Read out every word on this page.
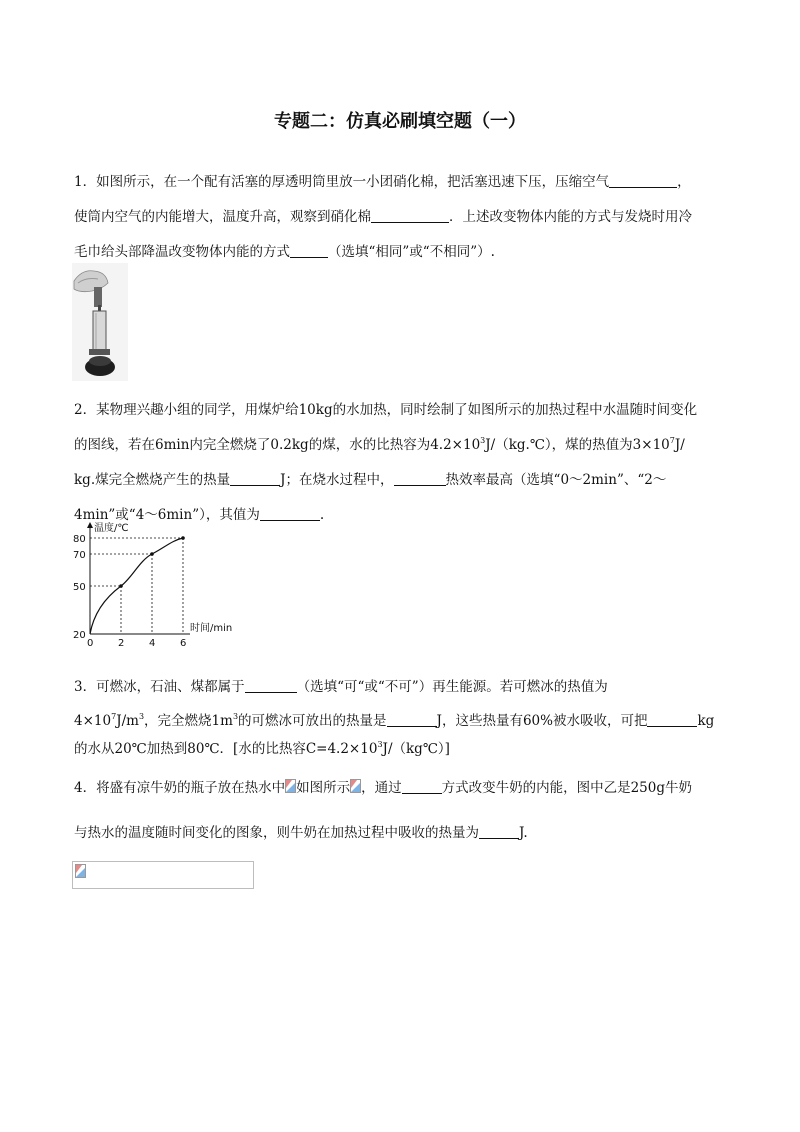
专题二：仿真必刷填空题（一）
1．如图所示，在一个配有活塞的厚透明筒里放一小团硝化棉，把活塞迅速下压，压缩空气	，
使筒内空气的内能增大，温度升高，观察到硝化棉	．上述改变物体内能的方式与发烧时用冷
毛巾给头部降温改变物体内能的方式	（选填“相同”或“不相同”）.
2．某物理兴趣小组的同学，用煤炉给10kg的水加热，同时绘制了如图所示的加热过程中水温随时间变化
的图线，若在6min内完全燃烧了0.2kg的煤，水的比热容为$4.2\times 10^3J/(kg.℃)$，煤的热值为$3\times 10^7J/$
kg.煤完全燃烧产生的热量	J；在烧水过程中，	热效率最高（选填“0～2min”、“2～
4min”或“4～6min”），其值为	.
温度/℃
时间/min
0 2 4 6
20
50
70
80
3．可燃冰，石油、煤都属于	（选填“可“或“不可”）再生能源。若可燃冰的热值为
$4\times 10^7J/m^3$，完全燃烧$1m^3$的可燃冰可放出的热量是	J，这些热量有60%被水吸收，可把	kg
的水从20℃加热到80℃．[水的比热容$C=4.2\times 10^3J/(kg℃)$]
4．将盛有凉牛奶的瓶子放在热水中 如图所示 ，通过	方式改变牛奶的内能，图中乙是250g牛奶
与热水的温度随时间变化的图象，则牛奶在加热过程中吸收的热量为	J.
